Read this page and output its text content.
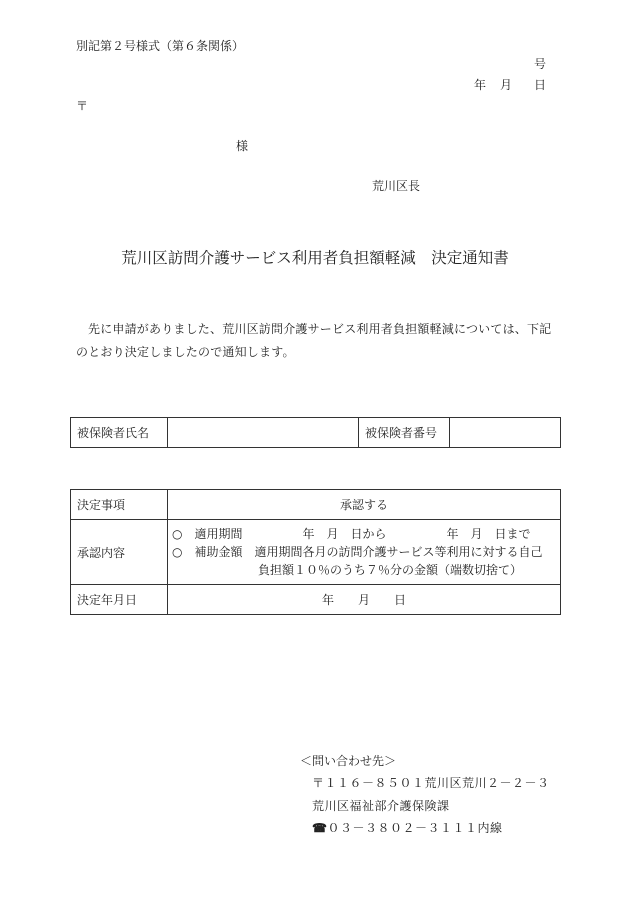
別記第２号様式（第６条関係）
号
年 月 日
〒
様
荒川区長
荒川区訪問介護サービス利用者負担額軽減　決定通知書
先に申請がありました、荒川区訪問介護サービス利用者負担額軽減については、下記のとおり決定しましたので通知します。
被保険者氏名		被保険者番号	
決定事項	承認する
承認内容	○　適用期間　　　　　年　月　日から　　　　　年　月　日まで
○　補助金額　適用期間各月の訪問介護サービス等利用に対する自己
負担額１０％のうち７％分の金額（端数切捨て）

決定年月日	年　　月　　日
＜問い合わせ先＞
〒１１６－８５０１荒川区荒川２－２－３
荒川区福祉部介護保険課
☎０３－３８０２－３１１１内線
